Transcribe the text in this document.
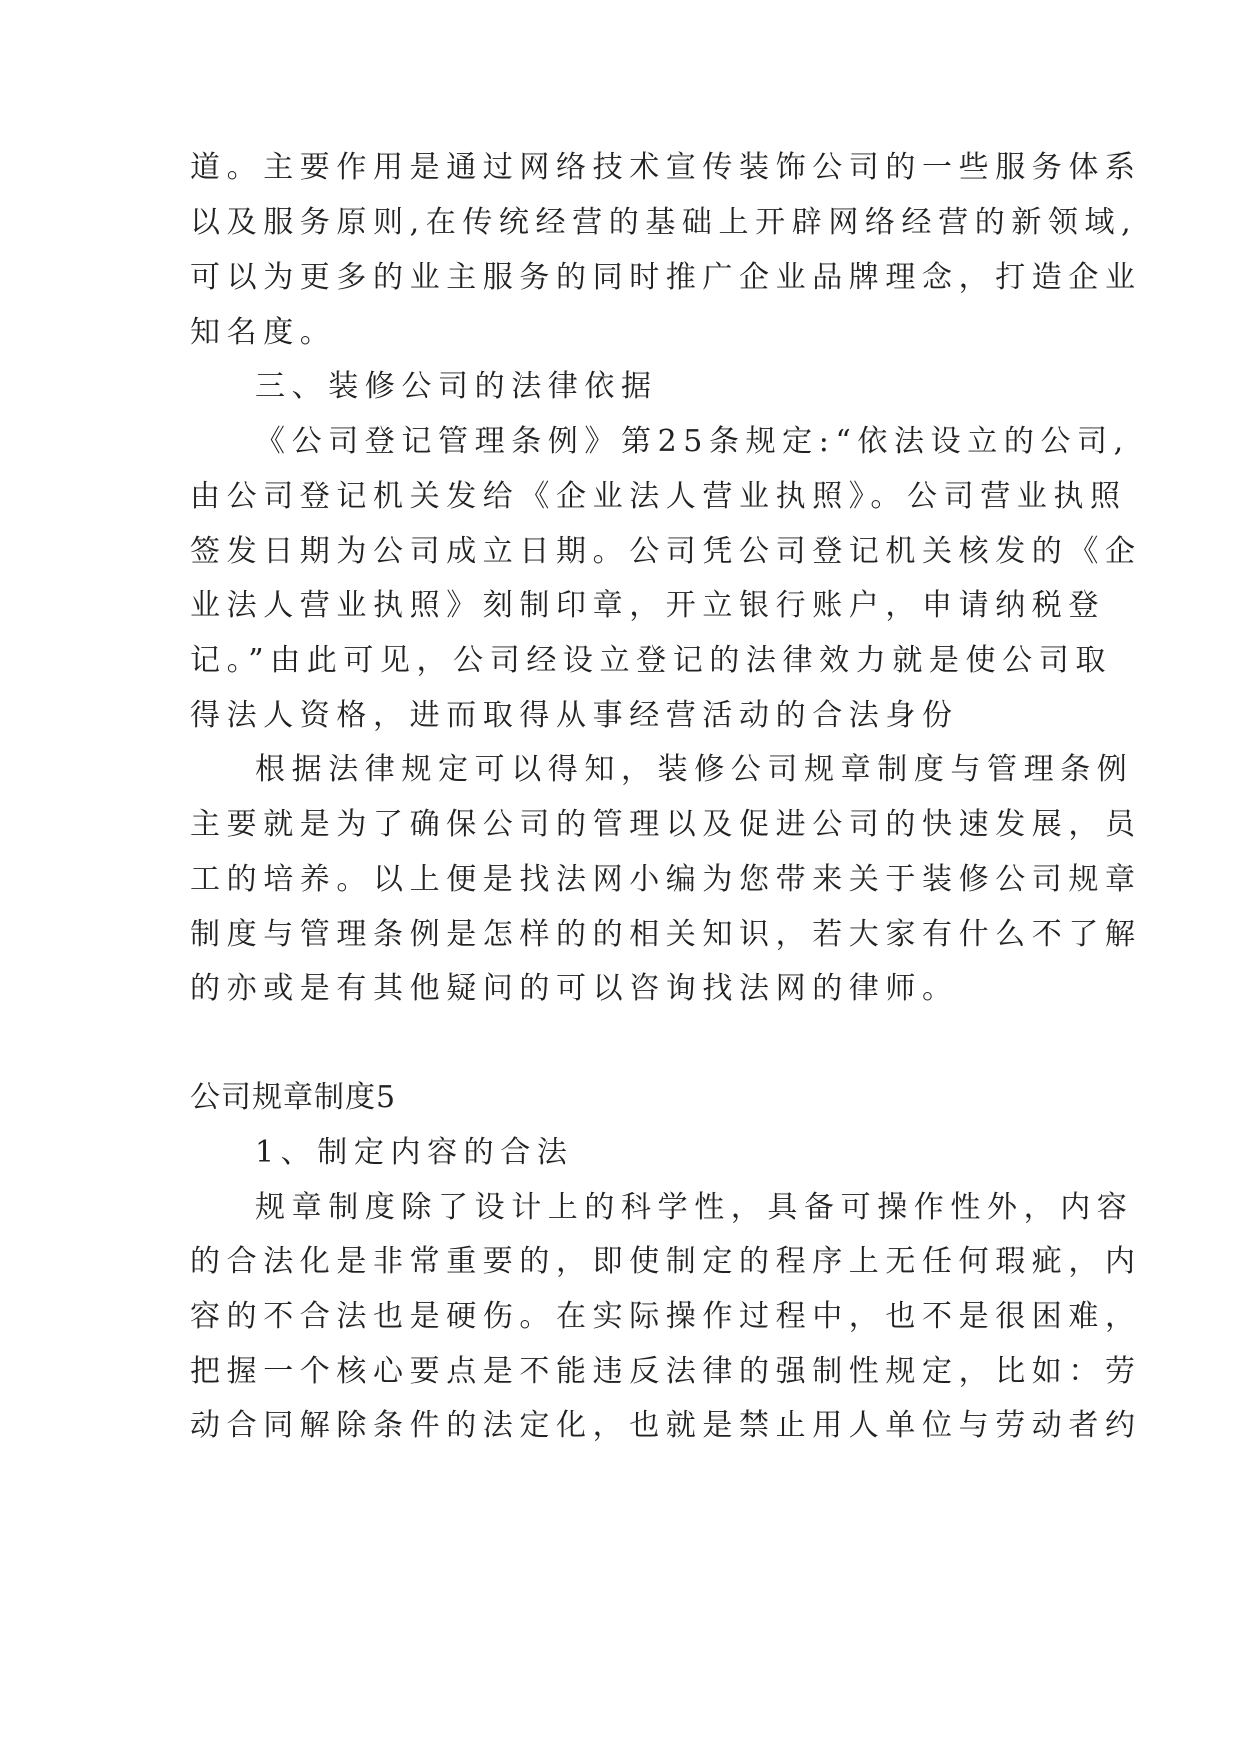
道。主要作用是通过网络技术宣传装饰公司的一些服务体系
以及服务原则,在传统经营的基础上开辟网络经营的新领域,
可以为更多的业主服务的同时推广企业品牌理念，打造企业
知名度。
三、装修公司的法律依据
《公司登记管理条例》第25条规定:“依法设立的公司,
由公司登记机关发给《企业法人营业执照》。公司营业执照
签发日期为公司成立日期。公司凭公司登记机关核发的《企
业法人营业执照》刻制印章，开立银行账户，申请纳税登
记。”由此可见，公司经设立登记的法律效力就是使公司取
得法人资格，进而取得从事经营活动的合法身份
根据法律规定可以得知，装修公司规章制度与管理条例
主要就是为了确保公司的管理以及促进公司的快速发展，员
工的培养。以上便是找法网小编为您带来关于装修公司规章
制度与管理条例是怎样的的相关知识，若大家有什么不了解
的亦或是有其他疑问的可以咨询找法网的律师。
公司规章制度5
1、制定内容的合法
规章制度除了设计上的科学性，具备可操作性外，内容
的合法化是非常重要的，即使制定的程序上无任何瑕疵，内
容的不合法也是硬伤。在实际操作过程中，也不是很困难，
把握一个核心要点是不能违反法律的强制性规定，比如：劳
动合同解除条件的法定化，也就是禁止用人单位与劳动者约
